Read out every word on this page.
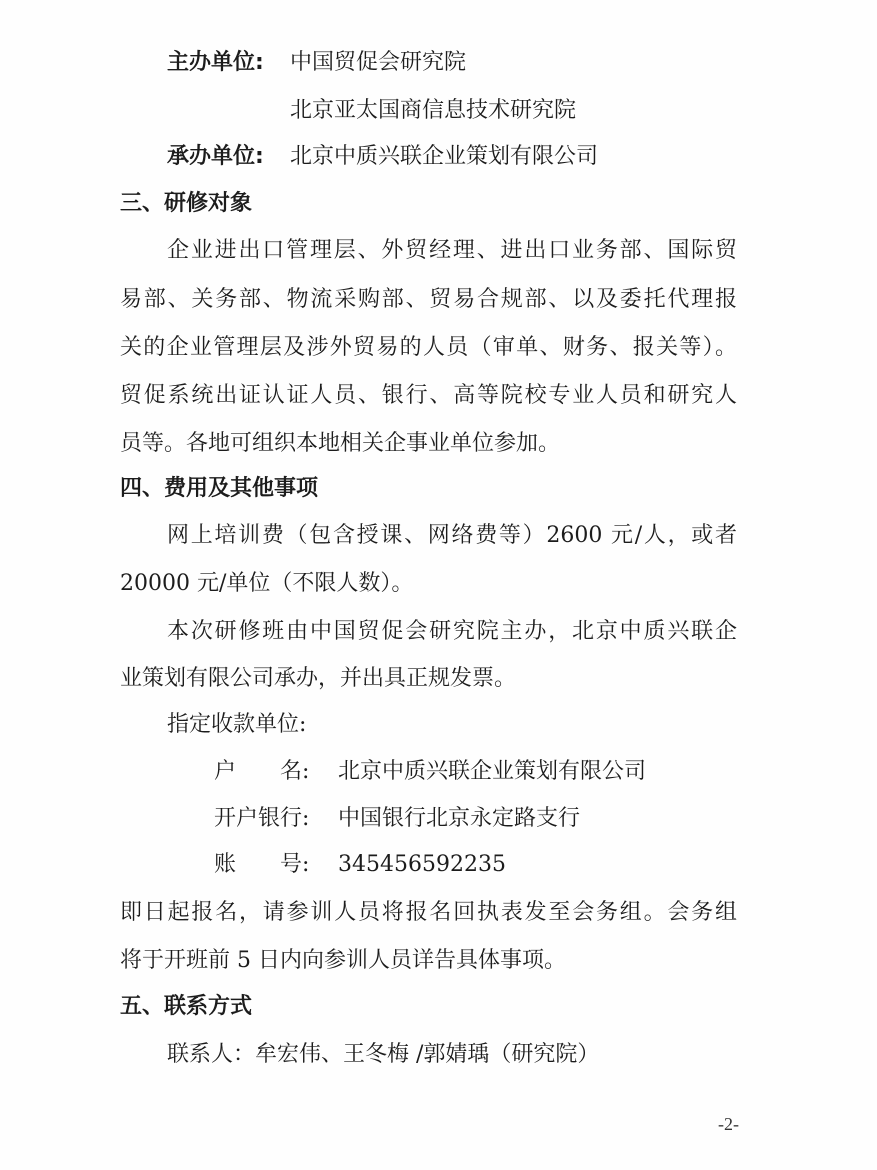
主办单位: 中国贸促会研究院
北京亚太国商信息技术研究院
承办单位: 北京中质兴联企业策划有限公司
三、研修对象
企业进出口管理层、外贸经理、进出口业务部、国际贸
易部、关务部、物流采购部、贸易合规部、以及委托代理报
关的企业管理层及涉外贸易的人员（审单、财务、报关等）。
贸促系统出证认证人员、银行、高等院校专业人员和研究人
员等。各地可组织本地相关企事业单位参加。
四、费用及其他事项
网上培训费（包含授课、网络费等）2600 元/人，或者
20000 元/单位（不限人数）。
本次研修班由中国贸促会研究院主办，北京中质兴联企
业策划有限公司承办，并出具正规发票。
指定收款单位:
户　　名: 北京中质兴联企业策划有限公司
开户银行: 中国银行北京永定路支行
账　　号: 345456592235
即日起报名，请参训人员将报名回执表发至会务组。会务组
将于开班前 5 日内向参训人员详告具体事项。
五、联系方式
联系人：牟宏伟、王冬梅 /郭婧瑀（研究院）
-2-
